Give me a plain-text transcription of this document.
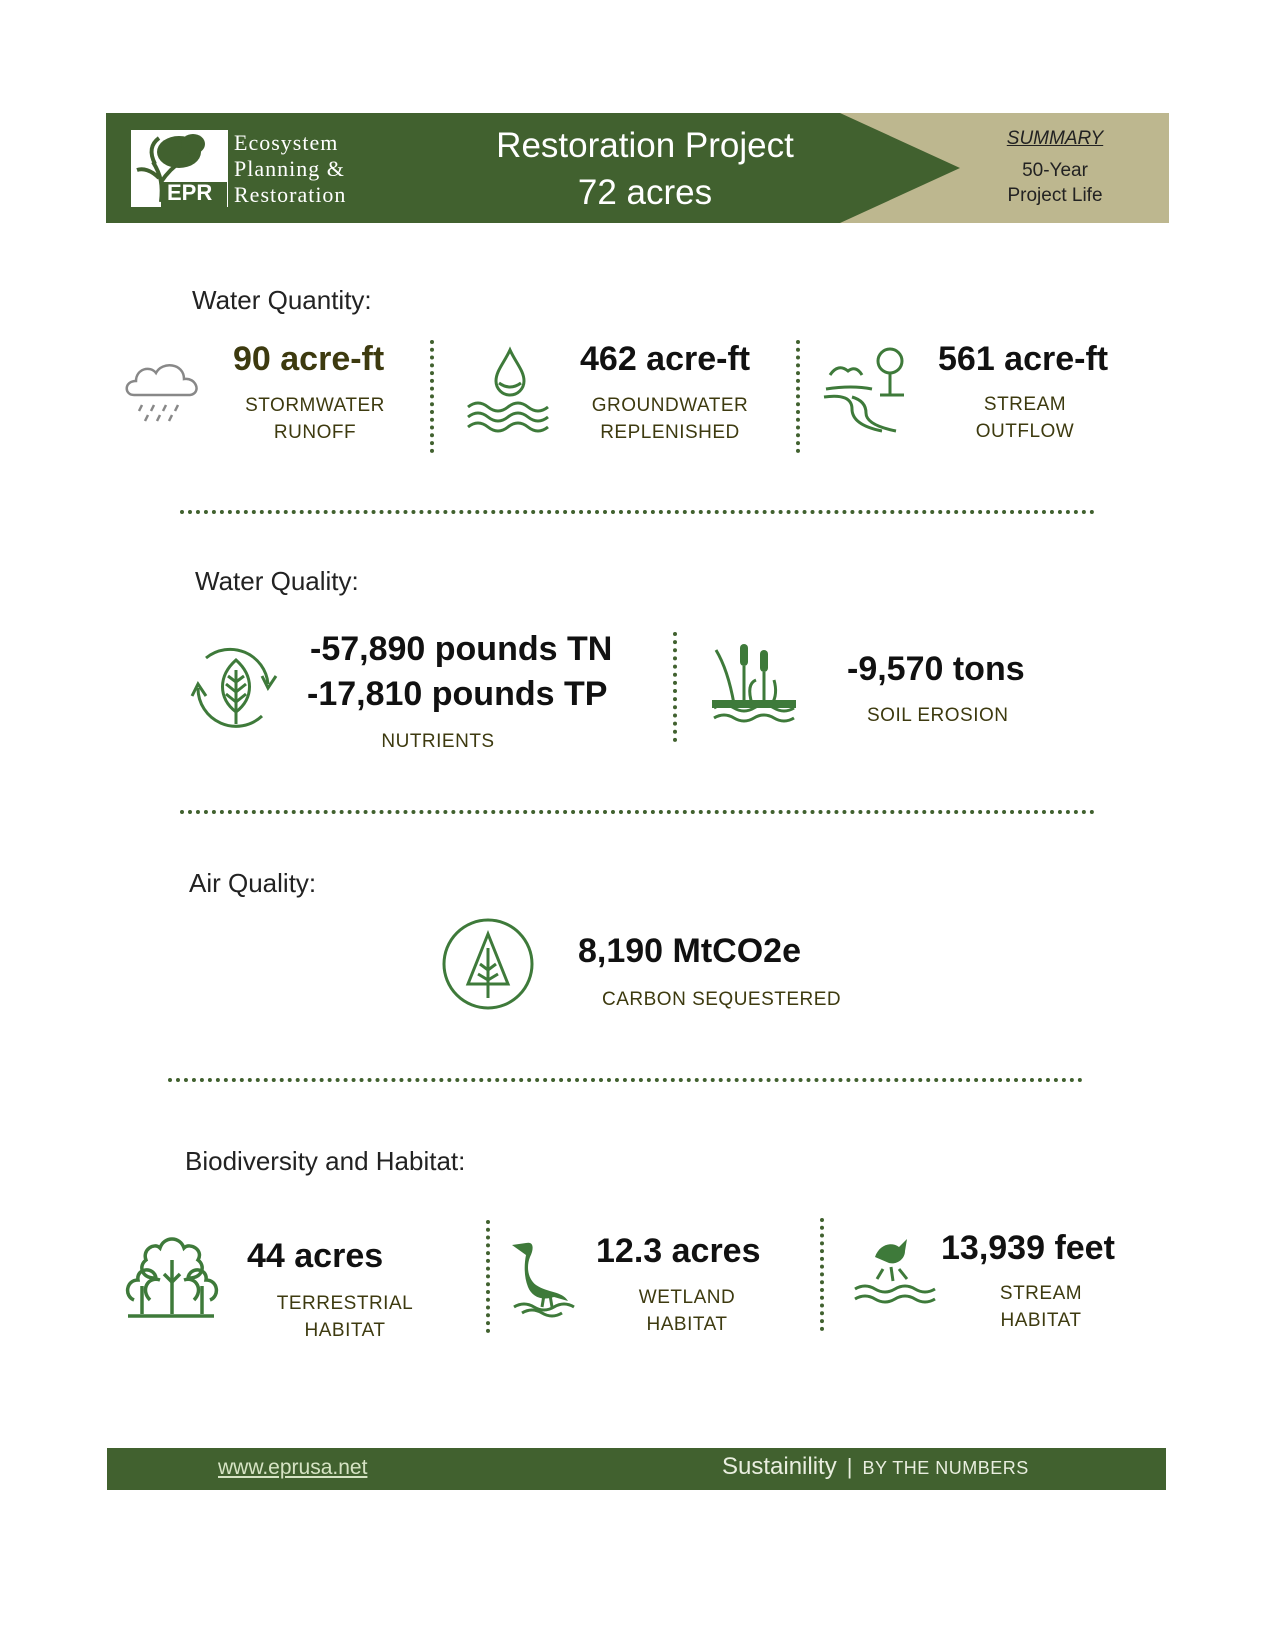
EPR
Ecosystem
Planning &
Restoration
Restoration Project
72 acres
SUMMARY
50-Year
Project Life
Water Quantity:
90 acre-ft
STORMWATER
RUNOFF
462 acre-ft
GROUNDWATER
REPLENISHED
561 acre-ft
STREAM
OUTFLOW
Water Quality:
-57,890 pounds TN
-17,810 pounds TP
NUTRIENTS
-9,570 tons
SOIL EROSION
Air Quality:
8,190 MtCO2e
CARBON SEQUESTERED
Biodiversity and Habitat:
44 acres
TERRESTRIAL
HABITAT
12.3 acres
WETLAND
HABITAT
13,939 feet
STREAM
HABITAT
www.eprusa.net	Sustainility | BY THE NUMBERS
